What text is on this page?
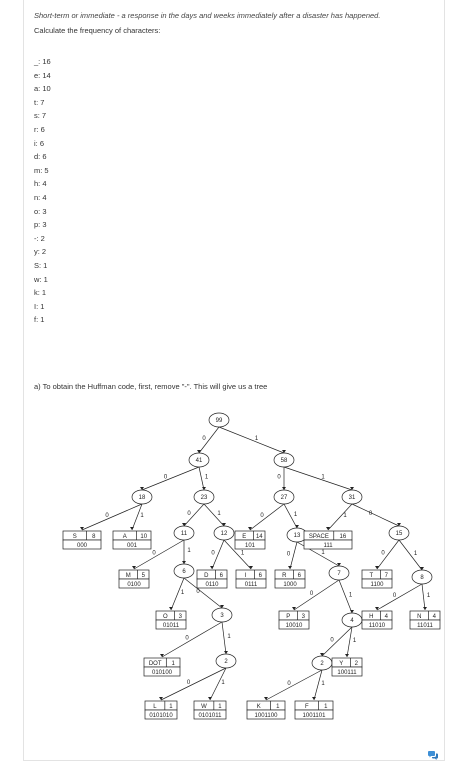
Short-term or immediate - a response in the days and weeks immediately after a disaster has happened.
Calculate the frequency of characters:
_: 16
e: 14
a: 10
t: 7
s: 7
r: 6
i: 6
d: 6
m: 5
h: 4
n: 4
o: 3
p: 3
-: 2
y: 2
S: 1
w: 1
k: 1
I: 1
f: 1
a) To obtain the Huffman code, first, remove "-". This will give us a tree
0	1
0	1	0	1
0	1	0	1	0	1	1	0
0	1	0	1	0	1	0	1
1 0	0	1	0	1
0	1
0	1
0	1	0	1
99
41	58
18	23	27	31
11	12	13	15
6	7
8
3
4
2	2
S	8
000
A 10
001
E 14
101
SPACE 16
111
M 5
0100
D 6
0110
I 6
0111
R 6
1000
T 7
1100
O 3
01011
P 3
10010
H 4
11010
N 4
11011
DOT 1
010100
Y 2
100111
L 1
0101010
W 1
0101011
K	1
1001100
F	1
1001101
